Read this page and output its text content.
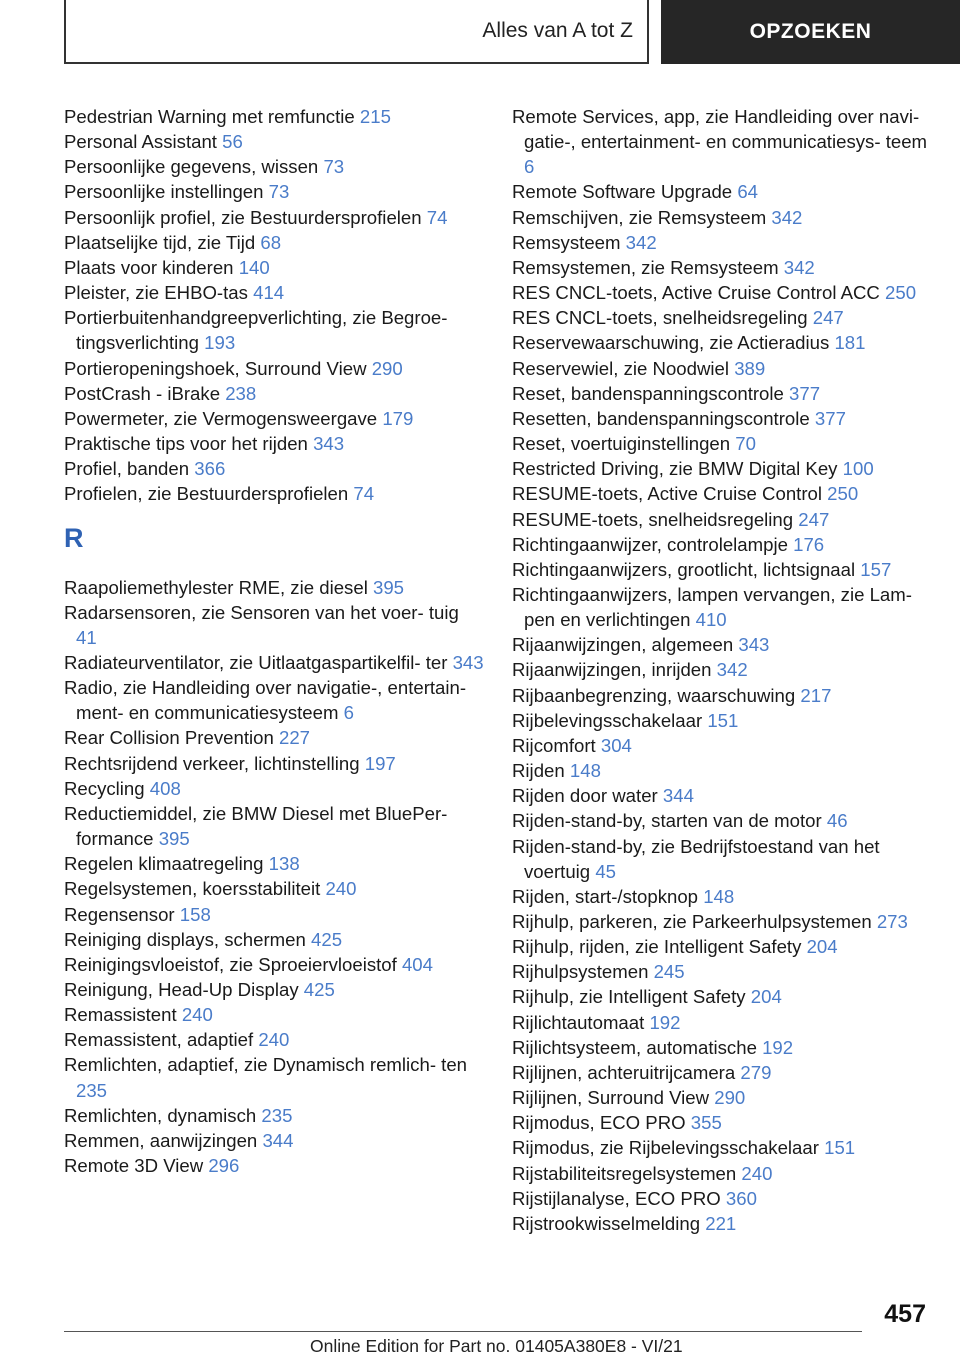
Alles van A tot Z	OPZOEKEN
Pedestrian Warning met remfunctie 215
Personal Assistant 56
Persoonlijke gegevens, wissen 73
Persoonlijke instellingen 73
Persoonlijk profiel, zie Bestuurdersprofielen 74
Plaatselijke tijd, zie Tijd 68
Plaats voor kinderen 140
Pleister, zie EHBO-tas 414
Portierbuitenhandgreepverlichting, zie Begroe‐ tingsverlichting 193
Portieropeningshoek, Surround View 290
PostCrash - iBrake 238
Powermeter, zie Vermogensweergave 179
Praktische tips voor het rijden 343
Profiel, banden 366
Profielen, zie Bestuurdersprofielen 74
R
Raapoliemethylester RME, zie diesel 395
Radarsensoren, zie Sensoren van het voer‐ tuig 41
Radiateurventilator, zie Uitlaatgaspartikelfil‐ ter 343
Radio, zie Handleiding over navigatie-, entertain‐ ment- en communicatiesysteem 6
Rear Collision Prevention 227
Rechtsrijdend verkeer, lichtinstelling 197
Recycling 408
Reductiemiddel, zie BMW Diesel met BluePer‐ formance 395
Regelen klimaatregeling 138
Regelsystemen, koersstabiliteit 240
Regensensor 158
Reiniging displays, schermen 425
Reinigingsvloeistof, zie Sproeiervloeistof 404
Reinigung, Head-Up Display 425
Remassistent 240
Remassistent, adaptief 240
Remlichten, adaptief, zie Dynamisch remlich‐ ten 235
Remlichten, dynamisch 235
Remmen, aanwijzingen 344
Remote 3D View 296
Remote Services, app, zie Handleiding over navi‐ gatie-, entertainment- en communicatiesys‐ teem 6
Remote Software Upgrade 64
Remschijven, zie Remsysteem 342
Remsysteem 342
Remsystemen, zie Remsysteem 342
RES CNCL-toets, Active Cruise Control ACC 250
RES CNCL-toets, snelheidsregeling 247
Reservewaarschuwing, zie Actieradius 181
Reservewiel, zie Noodwiel 389
Reset, bandenspanningscontrole 377
Resetten, bandenspanningscontrole 377
Reset, voertuiginstellingen 70
Restricted Driving, zie BMW Digital Key 100
RESUME-toets, Active Cruise Control 250
RESUME-toets, snelheidsregeling 247
Richtingaanwijzer, controlelampje 176
Richtingaanwijzers, grootlicht, lichtsignaal 157
Richtingaanwijzers, lampen vervangen, zie Lam‐ pen en verlichtingen 410
Rijaanwijzingen, algemeen 343
Rijaanwijzingen, inrijden 342
Rijbaanbegrenzing, waarschuwing 217
Rijbelevingsschakelaar 151
Rijcomfort 304
Rijden 148
Rijden door water 344
Rijden-stand-by, starten van de motor 46
Rijden-stand-by, zie Bedrijfstoestand van het voertuig 45
Rijden, start-/stopknop 148
Rijhulp, parkeren, zie Parkeerhulpsystemen 273
Rijhulp, rijden, zie Intelligent Safety 204
Rijhulpsystemen 245
Rijhulp, zie Intelligent Safety 204
Rijlichtautomaat 192
Rijlichtsysteem, automatische 192
Rijlijnen, achteruitrijcamera 279
Rijlijnen, Surround View 290
Rijmodus, ECO PRO 355
Rijmodus, zie Rijbelevingsschakelaar 151
Rijstabiliteitsregelsystemen 240
Rijstijlanalyse, ECO PRO 360
Rijstrookwisselmelding 221
457
Online Edition for Part no. 01405A380E8 - VI/21
